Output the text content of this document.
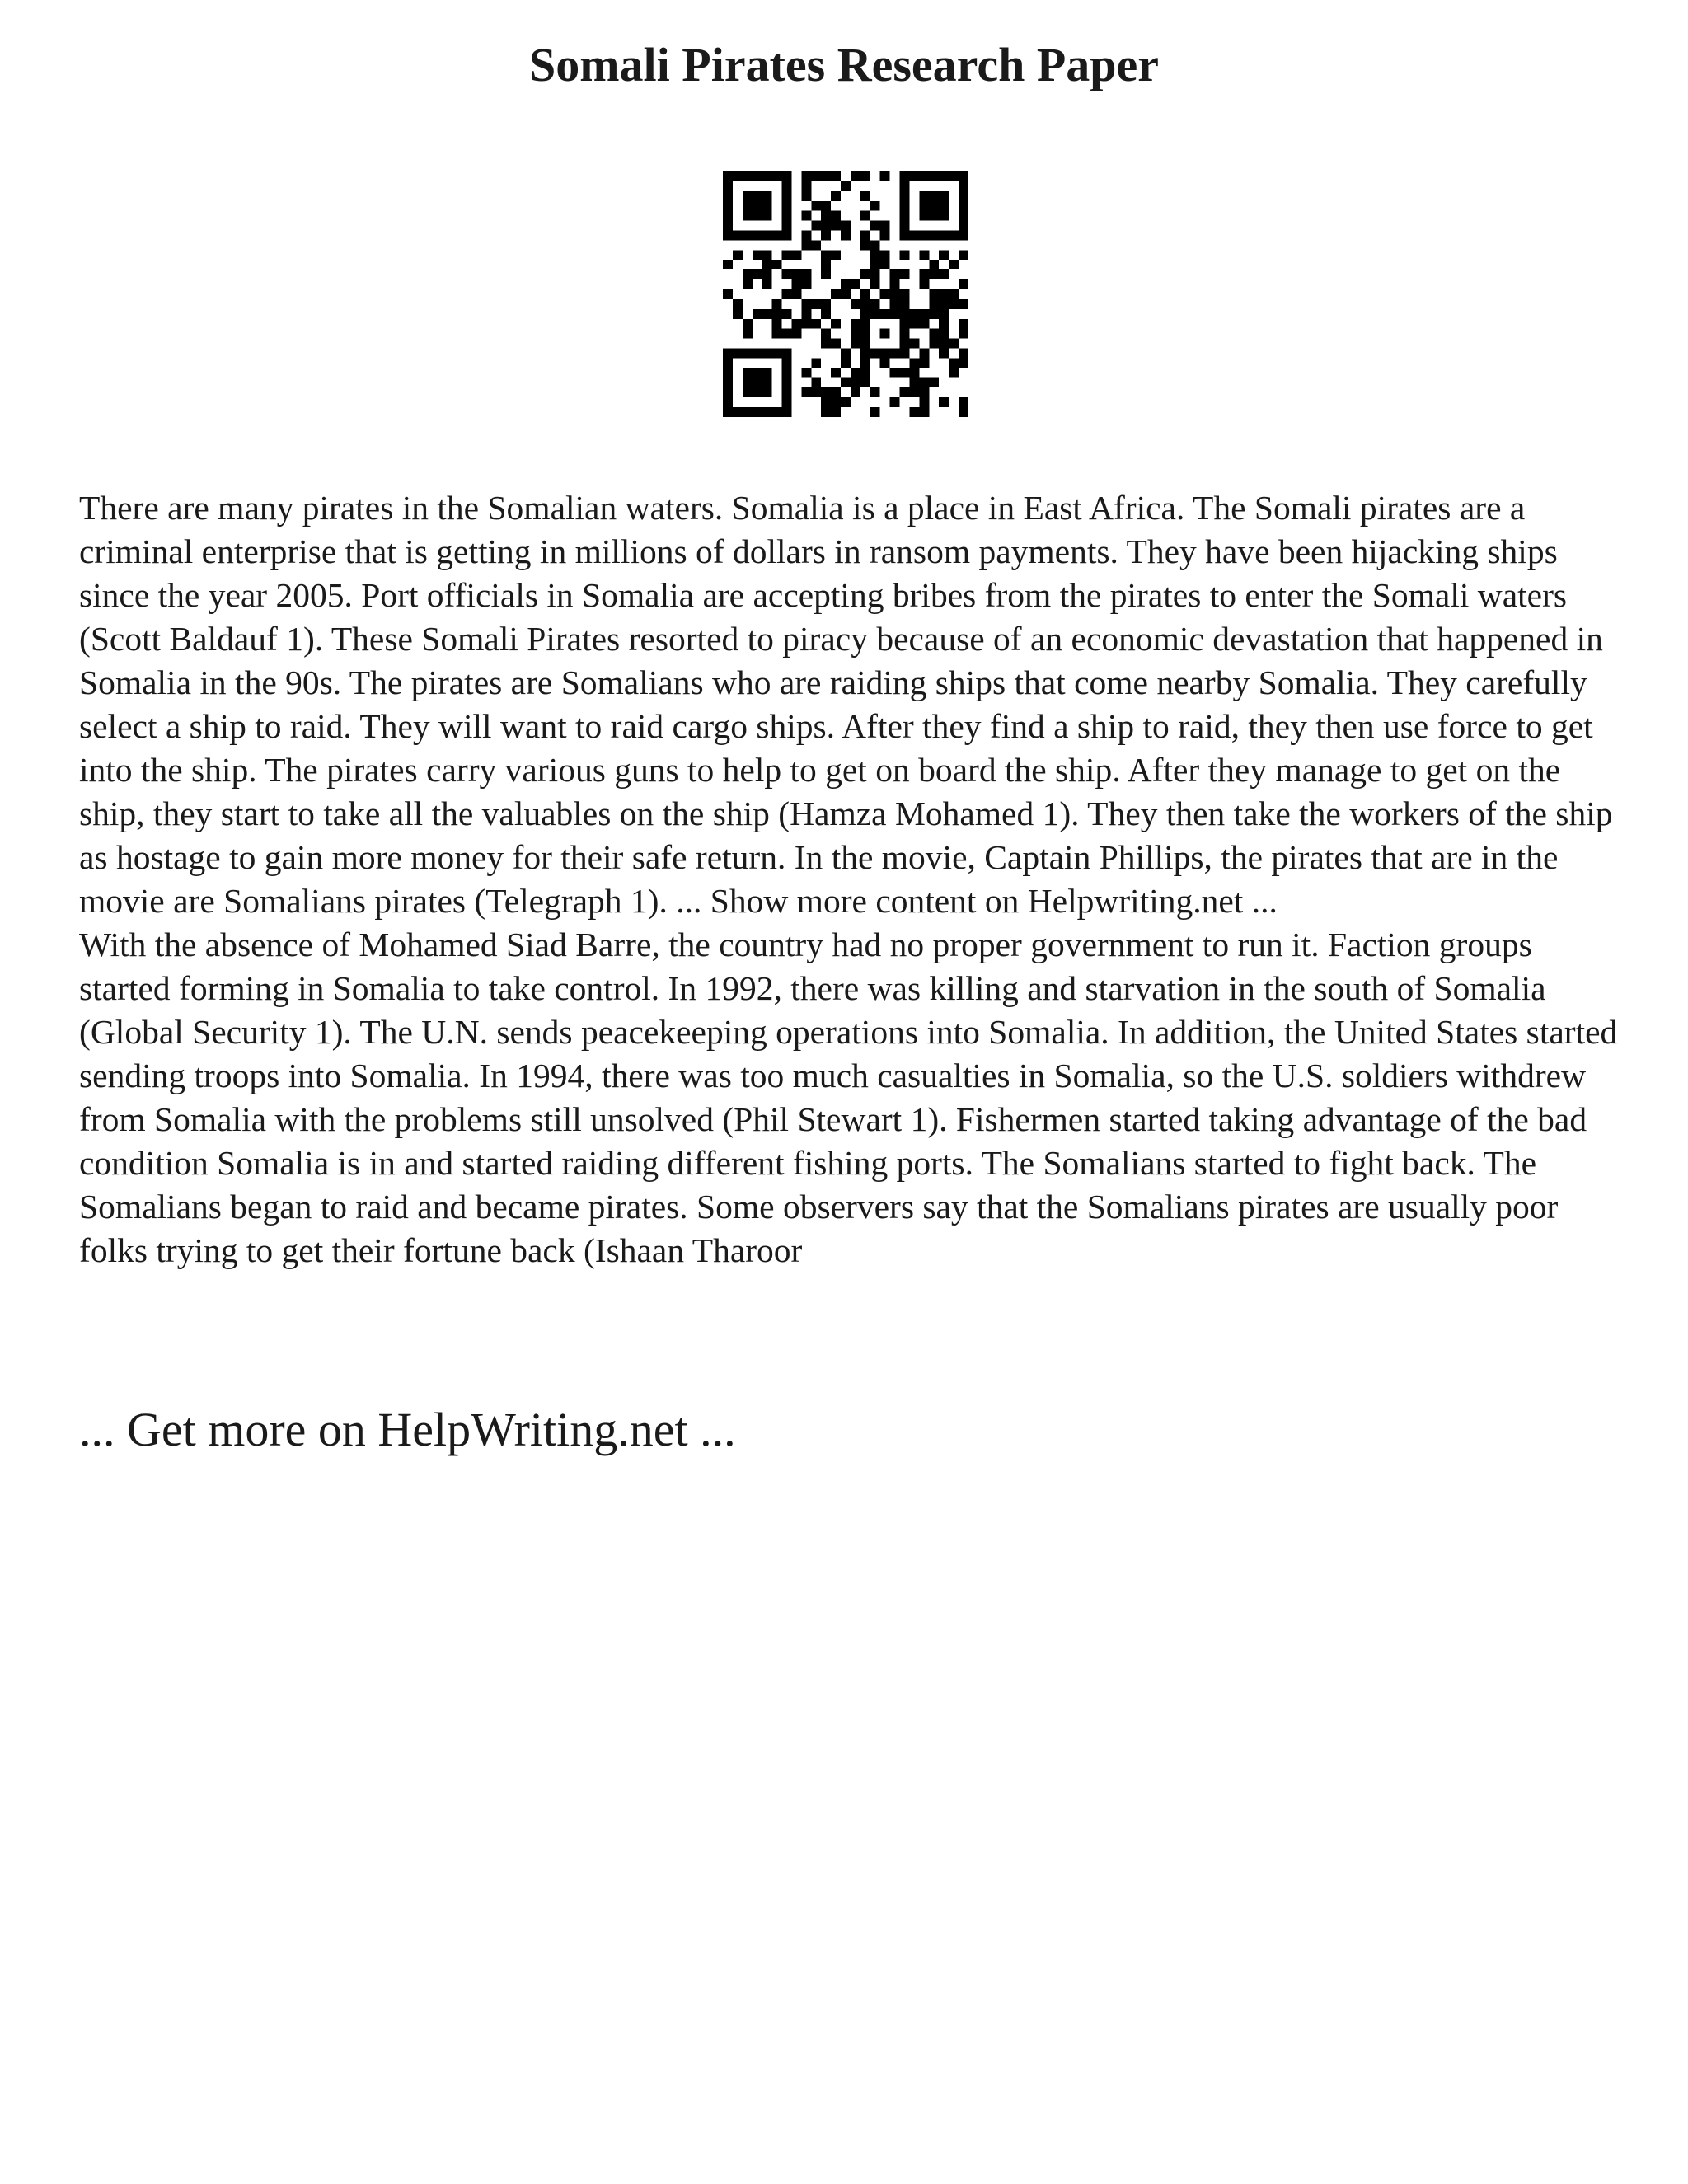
Somali Pirates Research Paper

There are many pirates in the Somalian waters. Somalia is a place in East Africa. The Somali pirates are a criminal enterprise that is getting in millions of dollars in ransom payments. They have been hijacking ships since the year 2005. Port officials in Somalia are accepting bribes from the pirates to enter the Somali waters (Scott Baldauf 1). These Somali Pirates resorted to piracy because of an economic devastation that happened in Somalia in the 90s. The pirates are Somalians who are raiding ships that come nearby Somalia. They carefully select a ship to raid. They will want to raid cargo ships. After they find a ship to raid, they then use force to get into the ship. The pirates carry various guns to help to get on board the ship. After they manage to get on the ship, they start to take all the valuables on the ship (Hamza Mohamed 1). They then take the workers of the ship as hostage to gain more money for their safe return. In the movie, Captain Phillips, the pirates that are in the movie are Somalians pirates (Telegraph 1). ... Show more content on Helpwriting.net ...

With the absence of Mohamed Siad Barre, the country had no proper government to run it. Faction groups started forming in Somalia to take control. In 1992, there was killing and starvation in the south of Somalia (Global Security 1). The U.N. sends peacekeeping operations into Somalia. In addition, the United States started sending troops into Somalia. In 1994, there was too much casualties in Somalia, so the U.S. soldiers withdrew from Somalia with the problems still unsolved (Phil Stewart 1). Fishermen started taking advantage of the bad condition Somalia is in and started raiding different fishing ports. The Somalians started to fight back. The Somalians began to raid and became pirates. Some observers say that the Somalians pirates are usually poor folks trying to get their fortune back (Ishaan Tharoor

... Get more on HelpWriting.net ...
